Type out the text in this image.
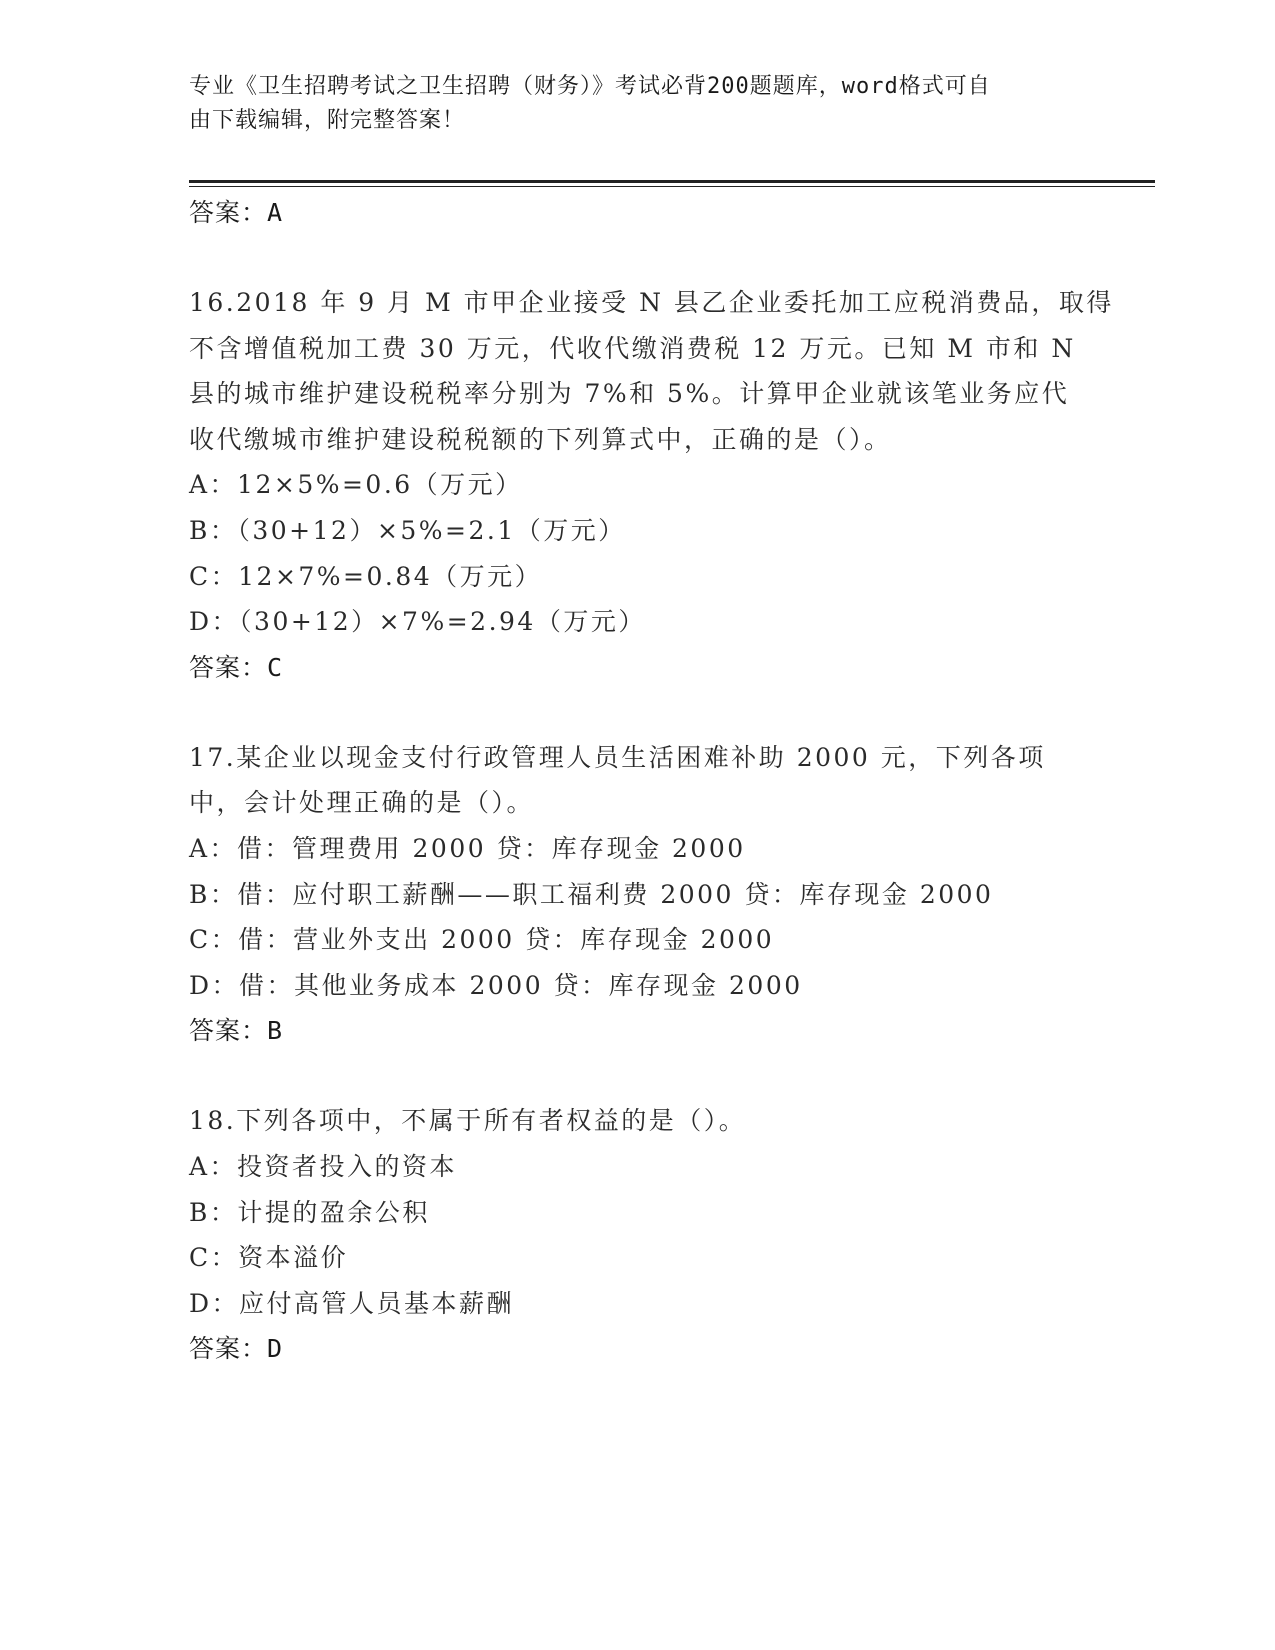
专业《卫生招聘考试之卫生招聘（财务）》考试必背200题题库，word格式可自
由下载编辑，附完整答案！
答案：A
16.2018 年 9 月 M 市甲企业接受 N 县乙企业委托加工应税消费品，取得
不含增值税加工费 30 万元，代收代缴消费税 12 万元。已知 M 市和 N
县的城市维护建设税税率分别为 7%和 5%。计算甲企业就该笔业务应代
收代缴城市维护建设税税额的下列算式中，正确的是（）。
A：12×5%=0.6（万元）
B：（30+12）×5%=2.1（万元）
C：12×7%=0.84（万元）
D：（30+12）×7%=2.94（万元）
答案：C
17.某企业以现金支付行政管理人员生活困难补助 2000 元，下列各项
中，会计处理正确的是（）。
A：借：管理费用 2000 贷：库存现金 2000
B：借：应付职工薪酬——职工福利费 2000 贷：库存现金 2000
C：借：营业外支出 2000 贷：库存现金 2000
D：借：其他业务成本 2000 贷：库存现金 2000
答案：B
18.下列各项中，不属于所有者权益的是（）。
A：投资者投入的资本
B：计提的盈余公积
C：资本溢价
D：应付高管人员基本薪酬
答案：D
